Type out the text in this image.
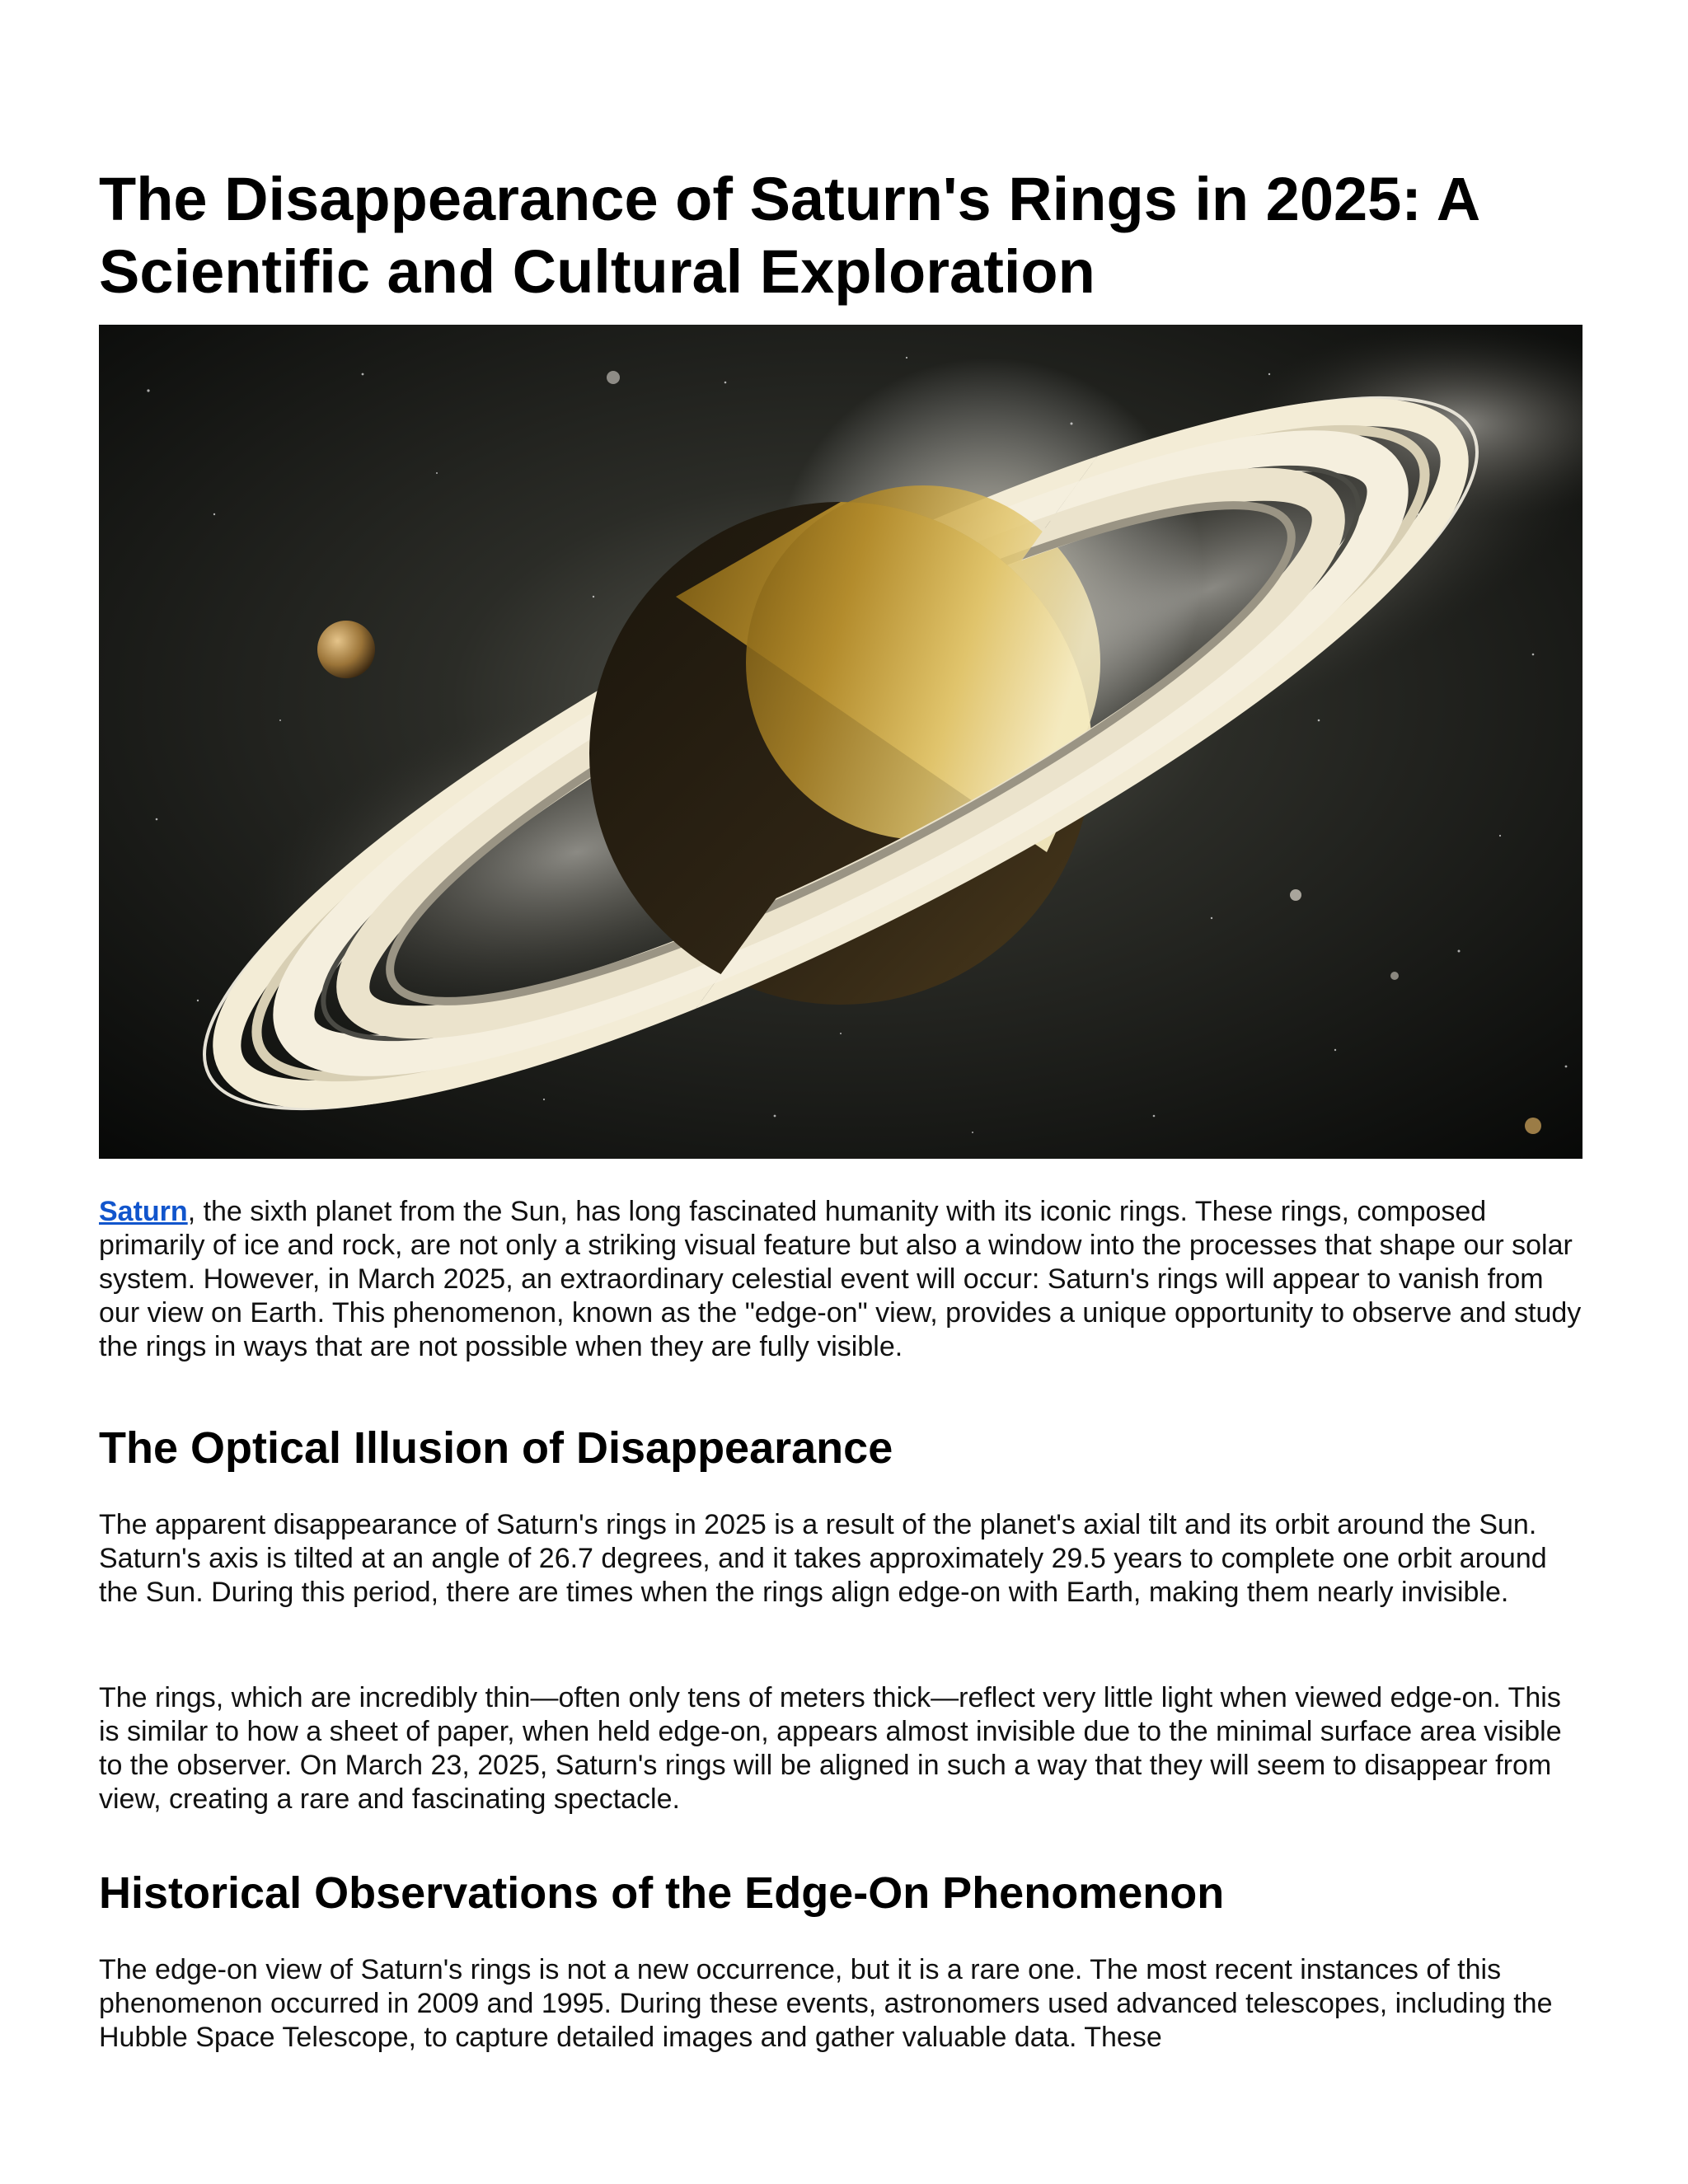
The Disappearance of Saturn's Rings in 2025: A Scientific and Cultural Exploration

Saturn, the sixth planet from the Sun, has long fascinated humanity with its iconic rings. These rings, composed primarily of ice and rock, are not only a striking visual feature but also a window into the processes that shape our solar system. However, in March 2025, an extraordinary celestial event will occur: Saturn's rings will appear to vanish from our view on Earth. This phenomenon, known as the "edge-on" view, provides a unique opportunity to observe and study the rings in ways that are not possible when they are fully visible.

The Optical Illusion of Disappearance

The apparent disappearance of Saturn's rings in 2025 is a result of the planet's axial tilt and its orbit around the Sun. Saturn's axis is tilted at an angle of 26.7 degrees, and it takes approximately 29.5 years to complete one orbit around the Sun. During this period, there are times when the rings align edge-on with Earth, making them nearly invisible.

The rings, which are incredibly thin—often only tens of meters thick—reflect very little light when viewed edge-on. This is similar to how a sheet of paper, when held edge-on, appears almost invisible due to the minimal surface area visible to the observer. On March 23, 2025, Saturn's rings will be aligned in such a way that they will seem to disappear from view, creating a rare and fascinating spectacle.

Historical Observations of the Edge-On Phenomenon

The edge-on view of Saturn's rings is not a new occurrence, but it is a rare one. The most recent instances of this phenomenon occurred in 2009 and 1995. During these events, astronomers used advanced telescopes, including the Hubble Space Telescope, to capture detailed images and gather valuable data. These
